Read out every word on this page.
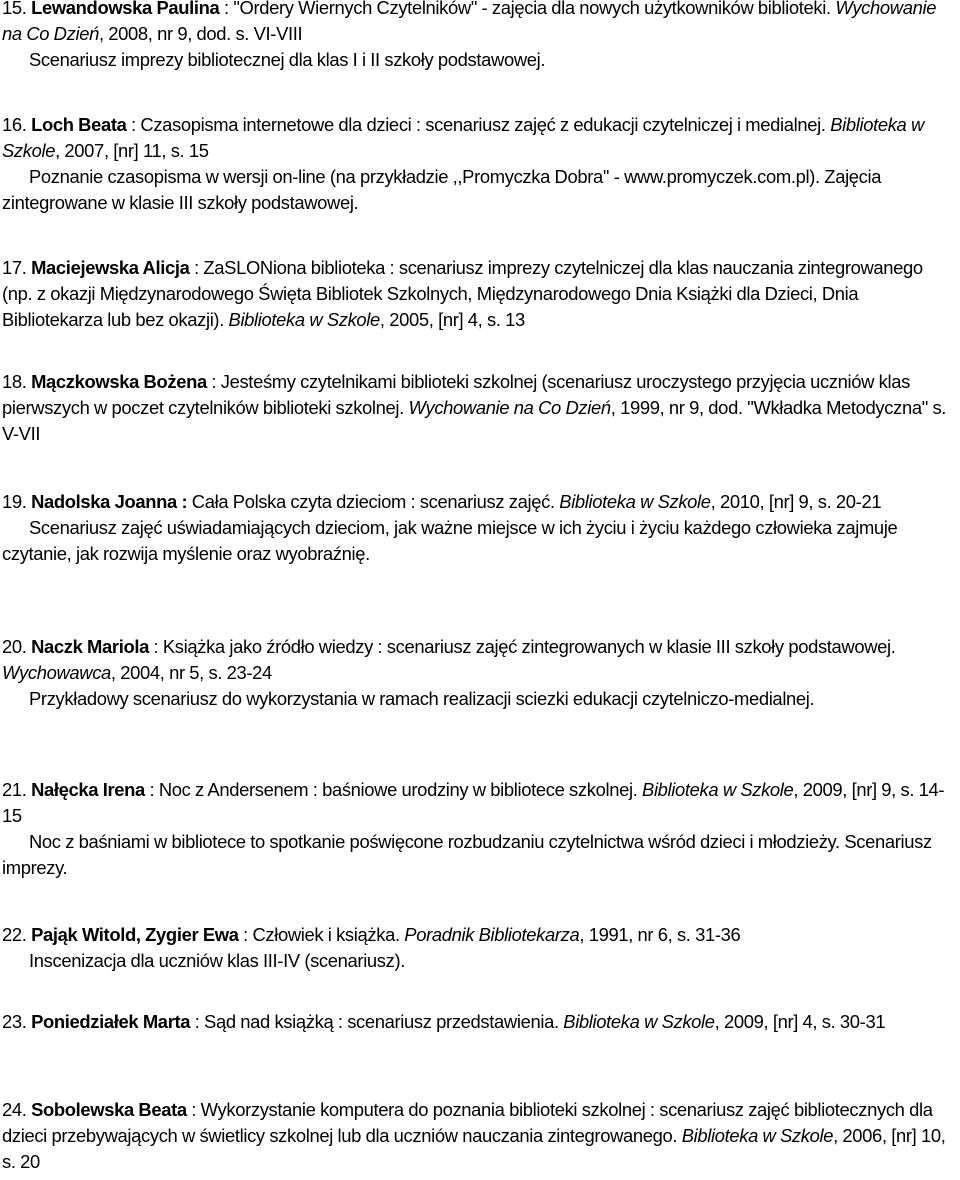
15. Lewandowska Paulina : "Ordery Wiernych Czytelników" - zajęcia dla nowych użytkowników biblioteki. Wychowanie na Co Dzień, 2008, nr 9, dod. s. VI-VIII
Scenariusz imprezy bibliotecznej dla klas I i II szkoły podstawowej.
16. Loch Beata : Czasopisma internetowe dla dzieci : scenariusz zajęć z edukacji czytelniczej i medialnej. Biblioteka w Szkole, 2007, [nr] 11, s. 15
Poznanie czasopisma w wersji on-line (na przykładzie ,,Promyczka Dobra'' - www.promyczek.com.pl). Zajęcia zintegrowane w klasie III szkoły podstawowej.
17. Maciejewska Alicja : ZaSLONiona biblioteka : scenariusz imprezy czytelniczej dla klas nauczania zintegrowanego (np. z okazji Międzynarodowego Święta Bibliotek Szkolnych, Międzynarodowego Dnia Książki dla Dzieci, Dnia Bibliotekarza lub bez okazji). Biblioteka w Szkole, 2005, [nr] 4, s. 13
18. Mączkowska Bożena : Jesteśmy czytelnikami biblioteki szkolnej (scenariusz uroczystego przyjęcia uczniów klas pierwszych w poczet czytelników biblioteki szkolnej. Wychowanie na Co Dzień, 1999, nr 9, dod. "Wkładka Metodyczna" s. V-VII
19. Nadolska Joanna : Cała Polska czyta dzieciom : scenariusz zajęć. Biblioteka w Szkole, 2010, [nr] 9, s. 20-21
Scenariusz zajęć uświadamiających dzieciom, jak ważne miejsce w ich życiu i życiu każdego człowieka zajmuje czytanie, jak rozwija myślenie oraz wyobraźnię.
20. Naczk Mariola : Książka jako źródło wiedzy : scenariusz zajęć zintegrowanych w klasie III szkoły podstawowej. Wychowawca, 2004, nr 5, s. 23-24
Przykładowy scenariusz do wykorzystania w ramach realizacji sciezki edukacji czytelniczo-medialnej.
21. Nałęcka Irena : Noc z Andersenem : baśniowe urodziny w bibliotece szkolnej. Biblioteka w Szkole, 2009, [nr] 9, s. 14-15
Noc z baśniami w bibliotece to spotkanie poświęcone rozbudzaniu czytelnictwa wśród dzieci i młodzieży. Scenariusz imprezy.
22. Pająk Witold, Zygier Ewa : Człowiek i książka. Poradnik Bibliotekarza, 1991, nr 6, s. 31-36
Inscenizacja dla uczniów klas III-IV (scenariusz).
23. Poniedziałek Marta : Sąd nad książką : scenariusz przedstawienia. Biblioteka w Szkole, 2009, [nr] 4, s. 30-31
24. Sobolewska Beata : Wykorzystanie komputera do poznania biblioteki szkolnej : scenariusz zajęć bibliotecznych dla dzieci przebywających w świetlicy szkolnej lub dla uczniów nauczania zintegrowanego. Biblioteka w Szkole, 2006, [nr] 10, s. 20
